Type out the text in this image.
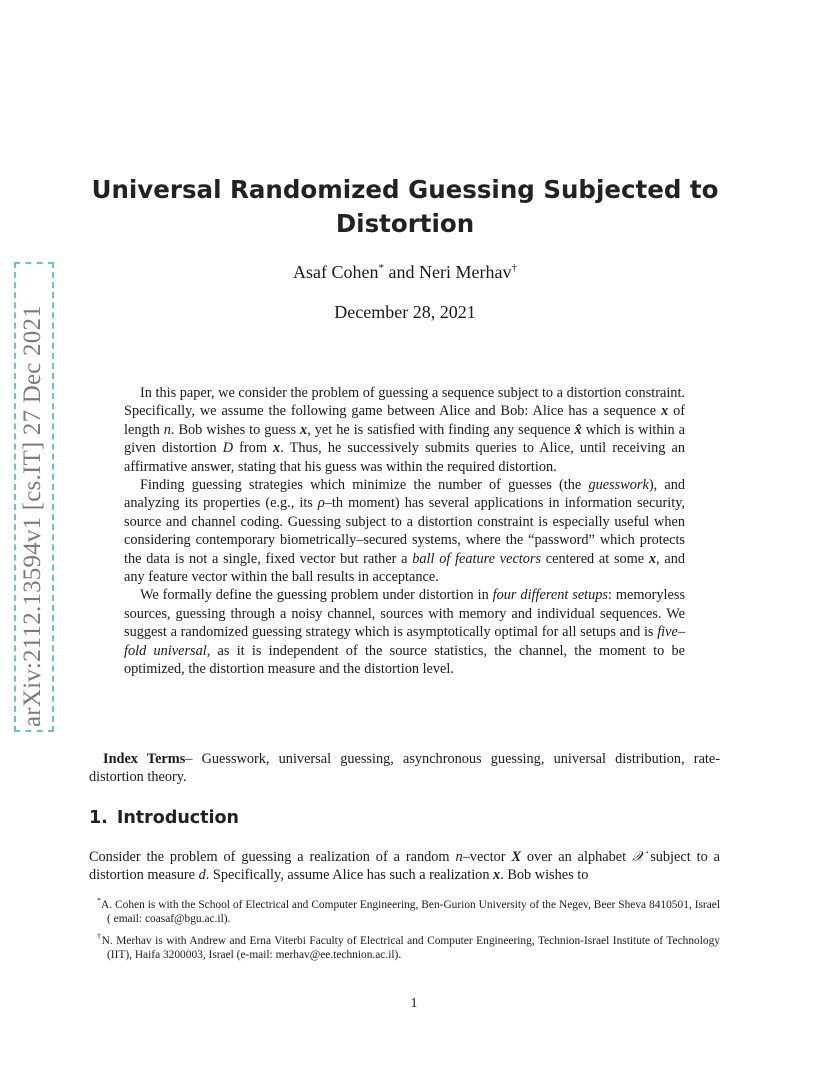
arXiv:2112.13594v1 [cs.IT] 27 Dec 2021
Universal Randomized Guessing Subjected to Distortion
Asaf Cohen* and Neri Merhav†
December 28, 2021

In this paper, we consider the problem of guessing a sequence subject to a distortion constraint. Specifically, we assume the following game between Alice and Bob: Alice has a sequence x of length n. Bob wishes to guess x, yet he is satisfied with finding any sequence x̂ which is within a given distortion D from x. Thus, he successively submits queries to Alice, until receiving an affirmative answer, stating that his guess was within the required distortion.

Finding guessing strategies which minimize the number of guesses (the guesswork), and analyzing its properties (e.g., its ρ–th moment) has several applications in information security, source and channel coding. Guessing subject to a distortion constraint is especially useful when considering contemporary biometrically–secured systems, where the “password” which protects the data is not a single, fixed vector but rather a ball of feature vectors centered at some x, and any feature vector within the ball results in acceptance.

We formally define the guessing problem under distortion in four different setups: memoryless sources, guessing through a noisy channel, sources with memory and individual sequences. We suggest a randomized guessing strategy which is asymptotically optimal for all setups and is five–fold universal, as it is independent of the source statistics, the channel, the moment to be optimized, the distortion measure and the distortion level.

Index Terms– Guesswork, universal guessing, asynchronous guessing, universal distribution, rate-distortion theory.
1. Introduction
Consider the problem of guessing a realization of a random n–vector X over an alphabet 𝒳 subject to a distortion measure d. Specifically, assume Alice has such a realization x. Bob wishes to

*A. Cohen is with the School of Electrical and Computer Engineering, Ben-Gurion University of the Negev, Beer Sheva 8410501, Israel ( email: coasaf@bgu.ac.il).

†N. Merhav is with Andrew and Erna Viterbi Faculty of Electrical and Computer Engineering, Technion-Israel Institute of Technology (IIT), Haifa 3200003, Israel (e-mail: merhav@ee.technion.ac.il).

1
